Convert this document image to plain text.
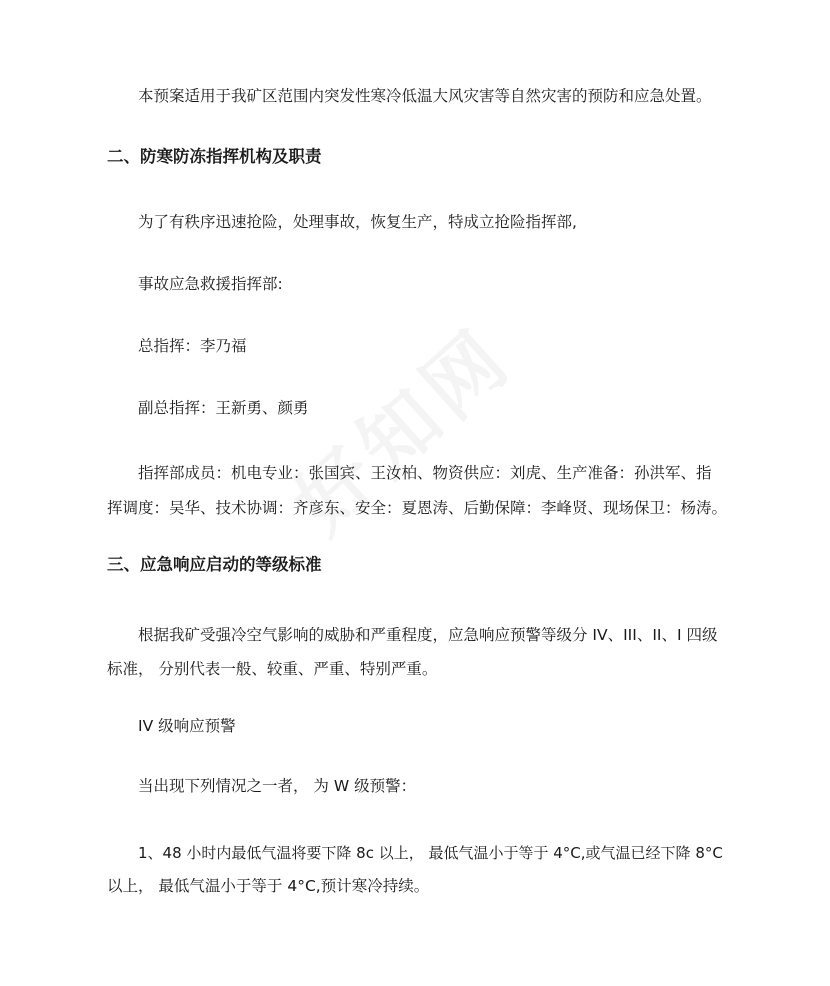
本预案适用于我矿区范围内突发性寒冷低温大风灾害等自然灾害的预防和应急处置。

二、防寒防冻指挥机构及职责

为了有秩序迅速抢险，处理事故，恢复生产，特成立抢险指挥部,

事故应急救援指挥部:

总指挥：李乃福

副总指挥：王新勇、颜勇

指挥部成员：机电专业：张国宾、王汝柏、物资供应：刘虎、生产准备：孙洪军、指

挥调度：吴华、技术协调：齐彦东、安全：夏恩涛、后勤保障：李峰贤、现场保卫：杨涛。

三、应急响应启动的等级标准

根据我矿受强冷空气影响的威胁和严重程度，应急响应预警等级分 IV、III、II、I 四级

标准， 分别代表一般、较重、严重、特别严重。

IV 级响应预警

当出现下列情况之一者， 为 W 级预警：

1、48 小时内最低气温将要下降 8c 以上， 最低气温小于等于 4°C,或气温已经下降 8°C

以上， 最低气温小于等于 4°C,预计寒冷持续。
